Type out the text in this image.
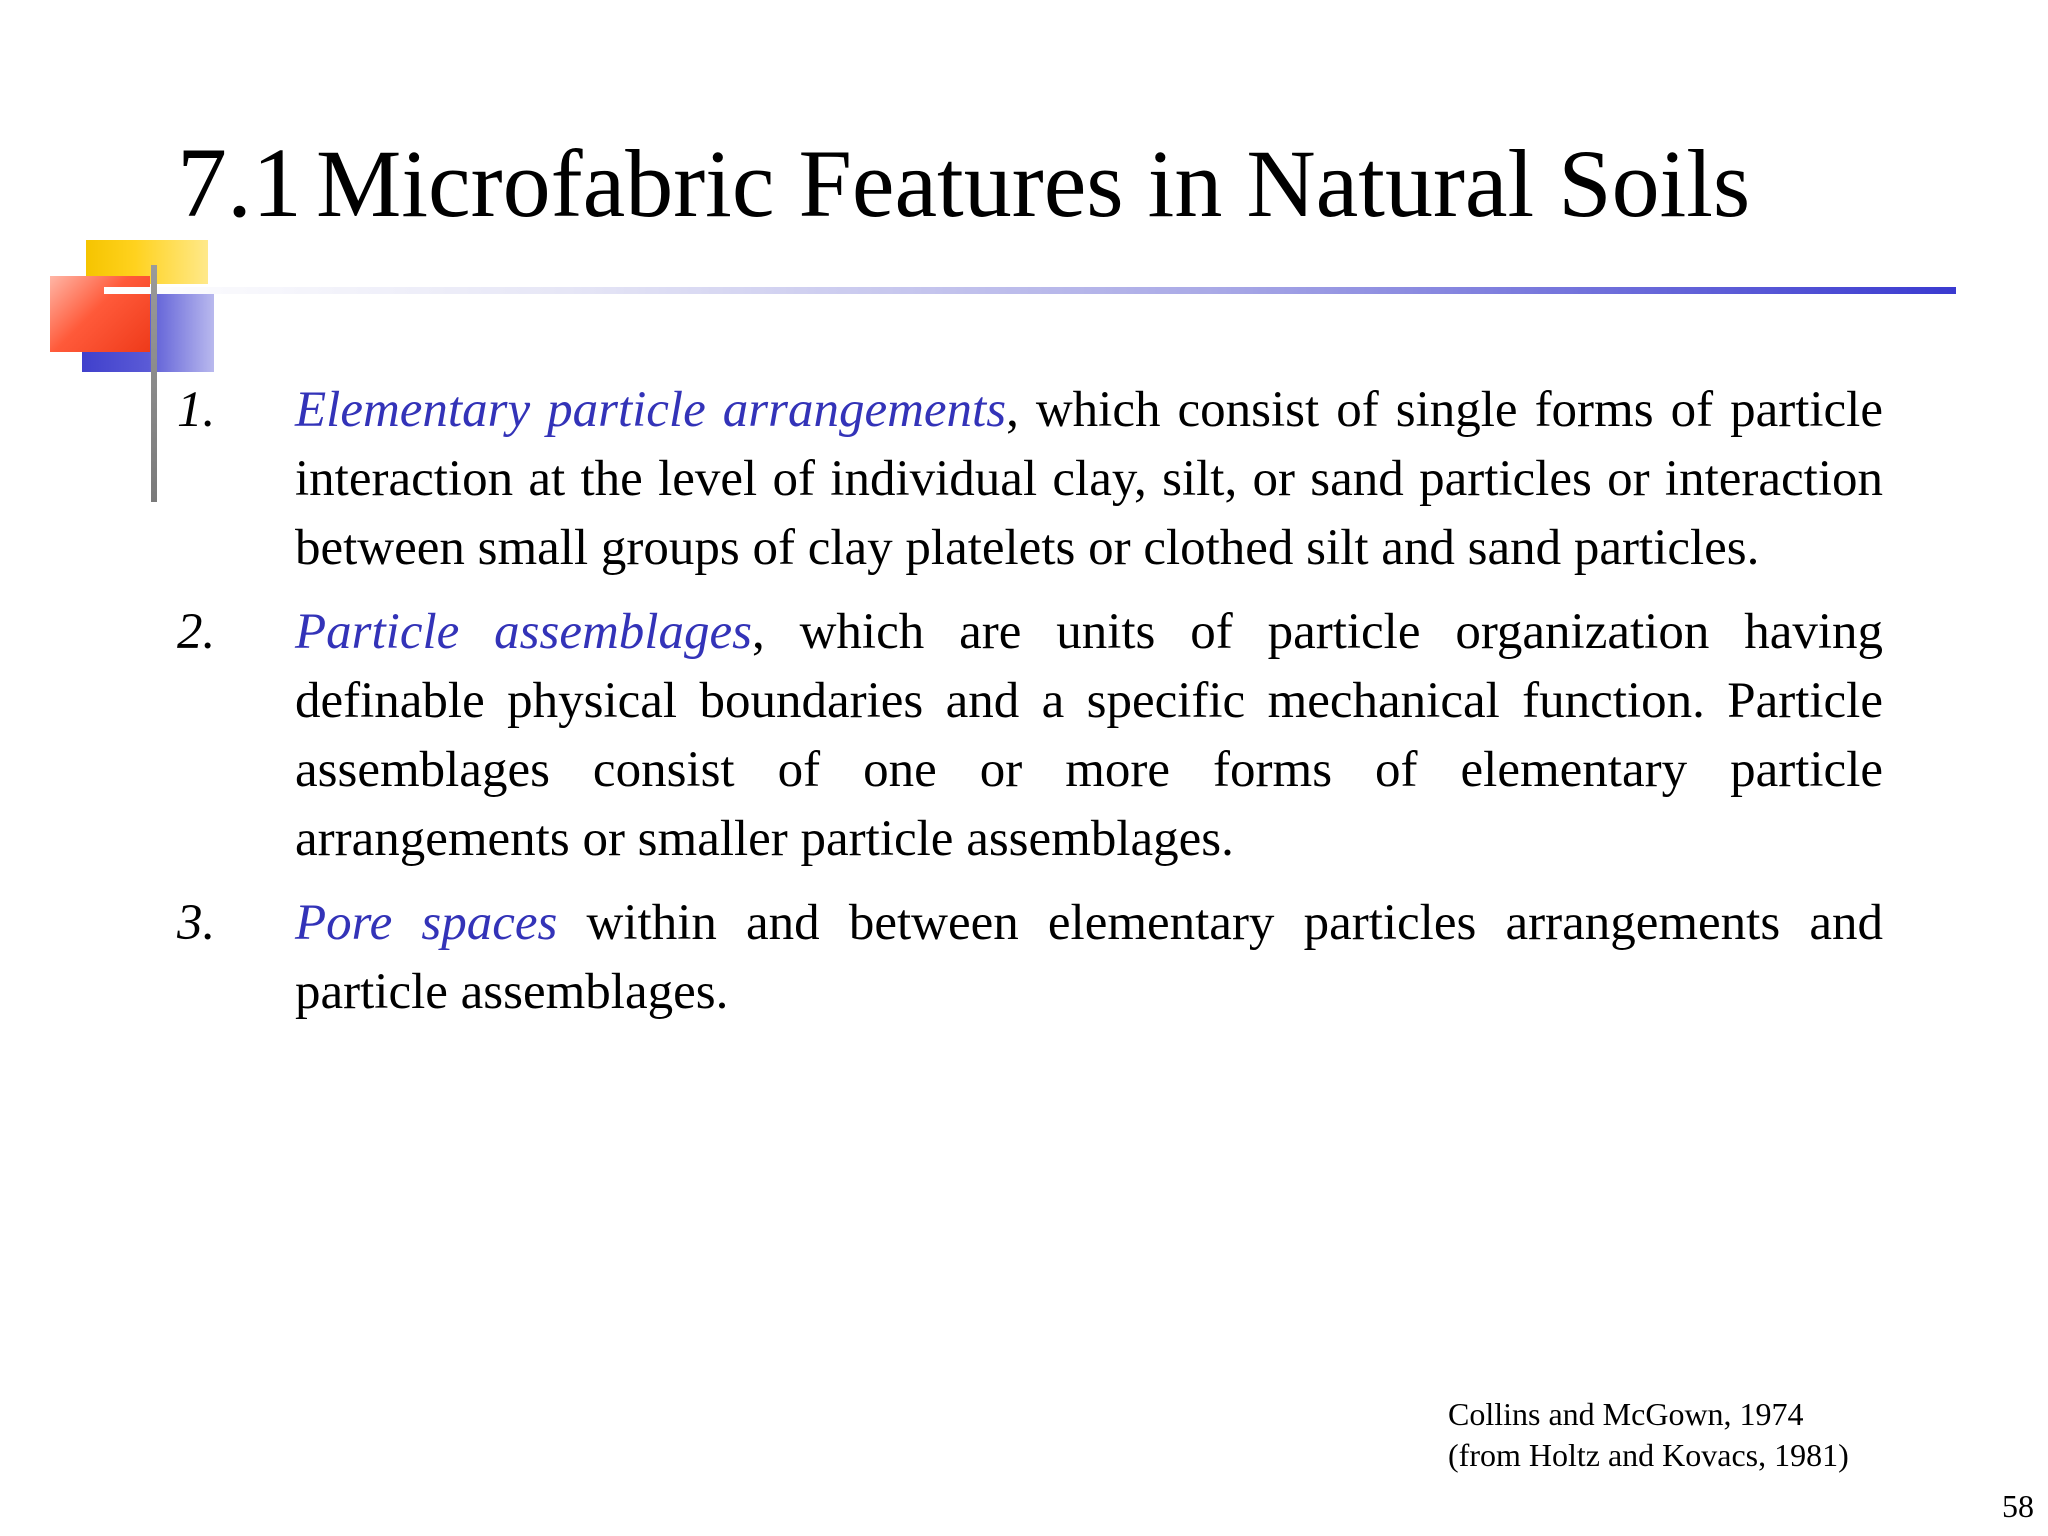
7.1 Microfabric Features in Natural Soils
1. Elementary particle arrangements, which consist of single forms of particle interaction at the level of individual clay, silt, or sand particles or interaction between small groups of clay platelets or clothed silt and sand particles.
2. Particle assemblages, which are units of particle organization having definable physical boundaries and a specific mechanical function. Particle assemblages consist of one or more forms of elementary particle arrangements or smaller particle assemblages.
3. Pore spaces within and between elementary particles arrangements and particle assemblages.
Collins and McGown, 1974
(from Holtz and Kovacs, 1981)
58
